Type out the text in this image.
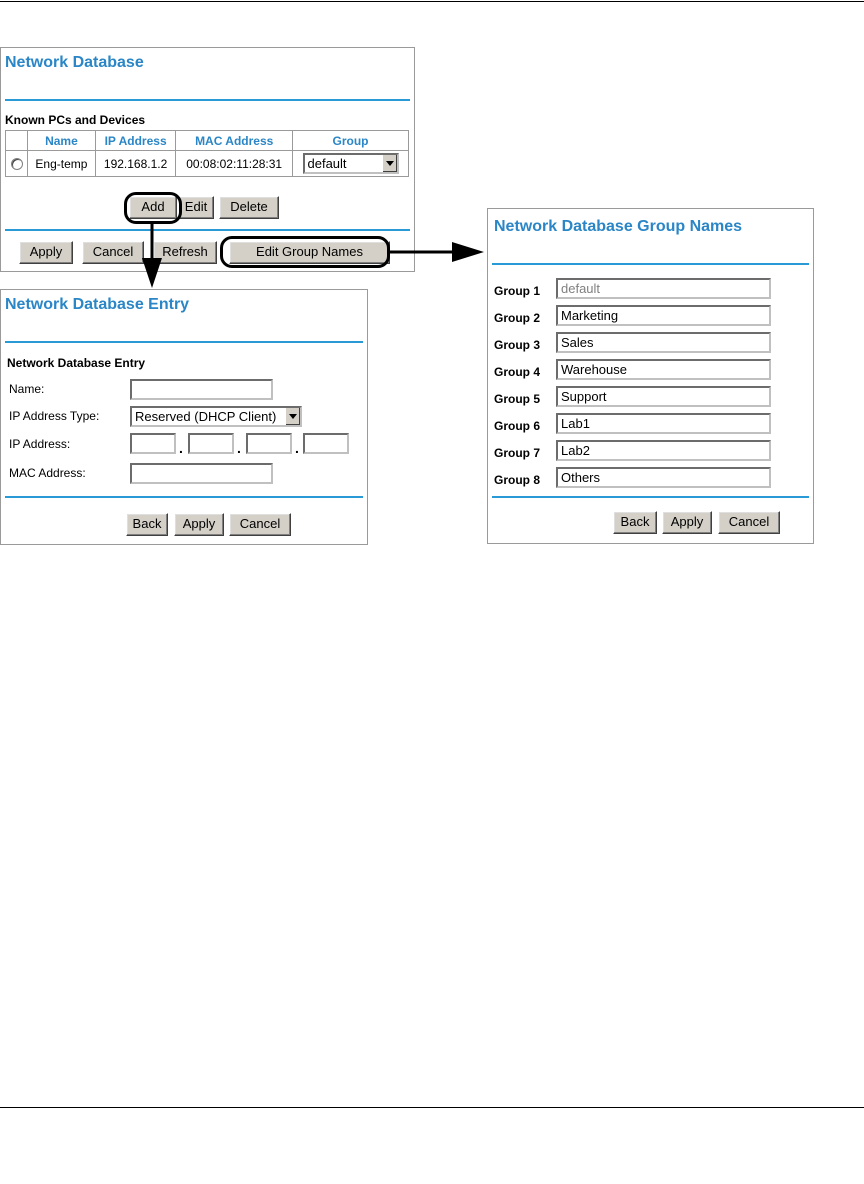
Network Database
Known PCs and Devices
	Name	IP Address	MAC Address	Group
	Eng-temp	192.168.1.2	00:08:02:11:28:31	default
Add	Edit	Delete
Apply	Cancel	Refresh	Edit Group Names
Network Database Entry
Network Database Entry
Name:
IP Address Type:	Reserved (DHCP Client)
IP Address:	.	.	.
MAC Address:
Back	Apply	Cancel
Network Database Group Names
Group 1	default
Group 2	Marketing
Group 3	Sales
Group 4	Warehouse
Group 5	Support
Group 6	Lab1
Group 7	Lab2
Group 8	Others
Back	Apply	Cancel
